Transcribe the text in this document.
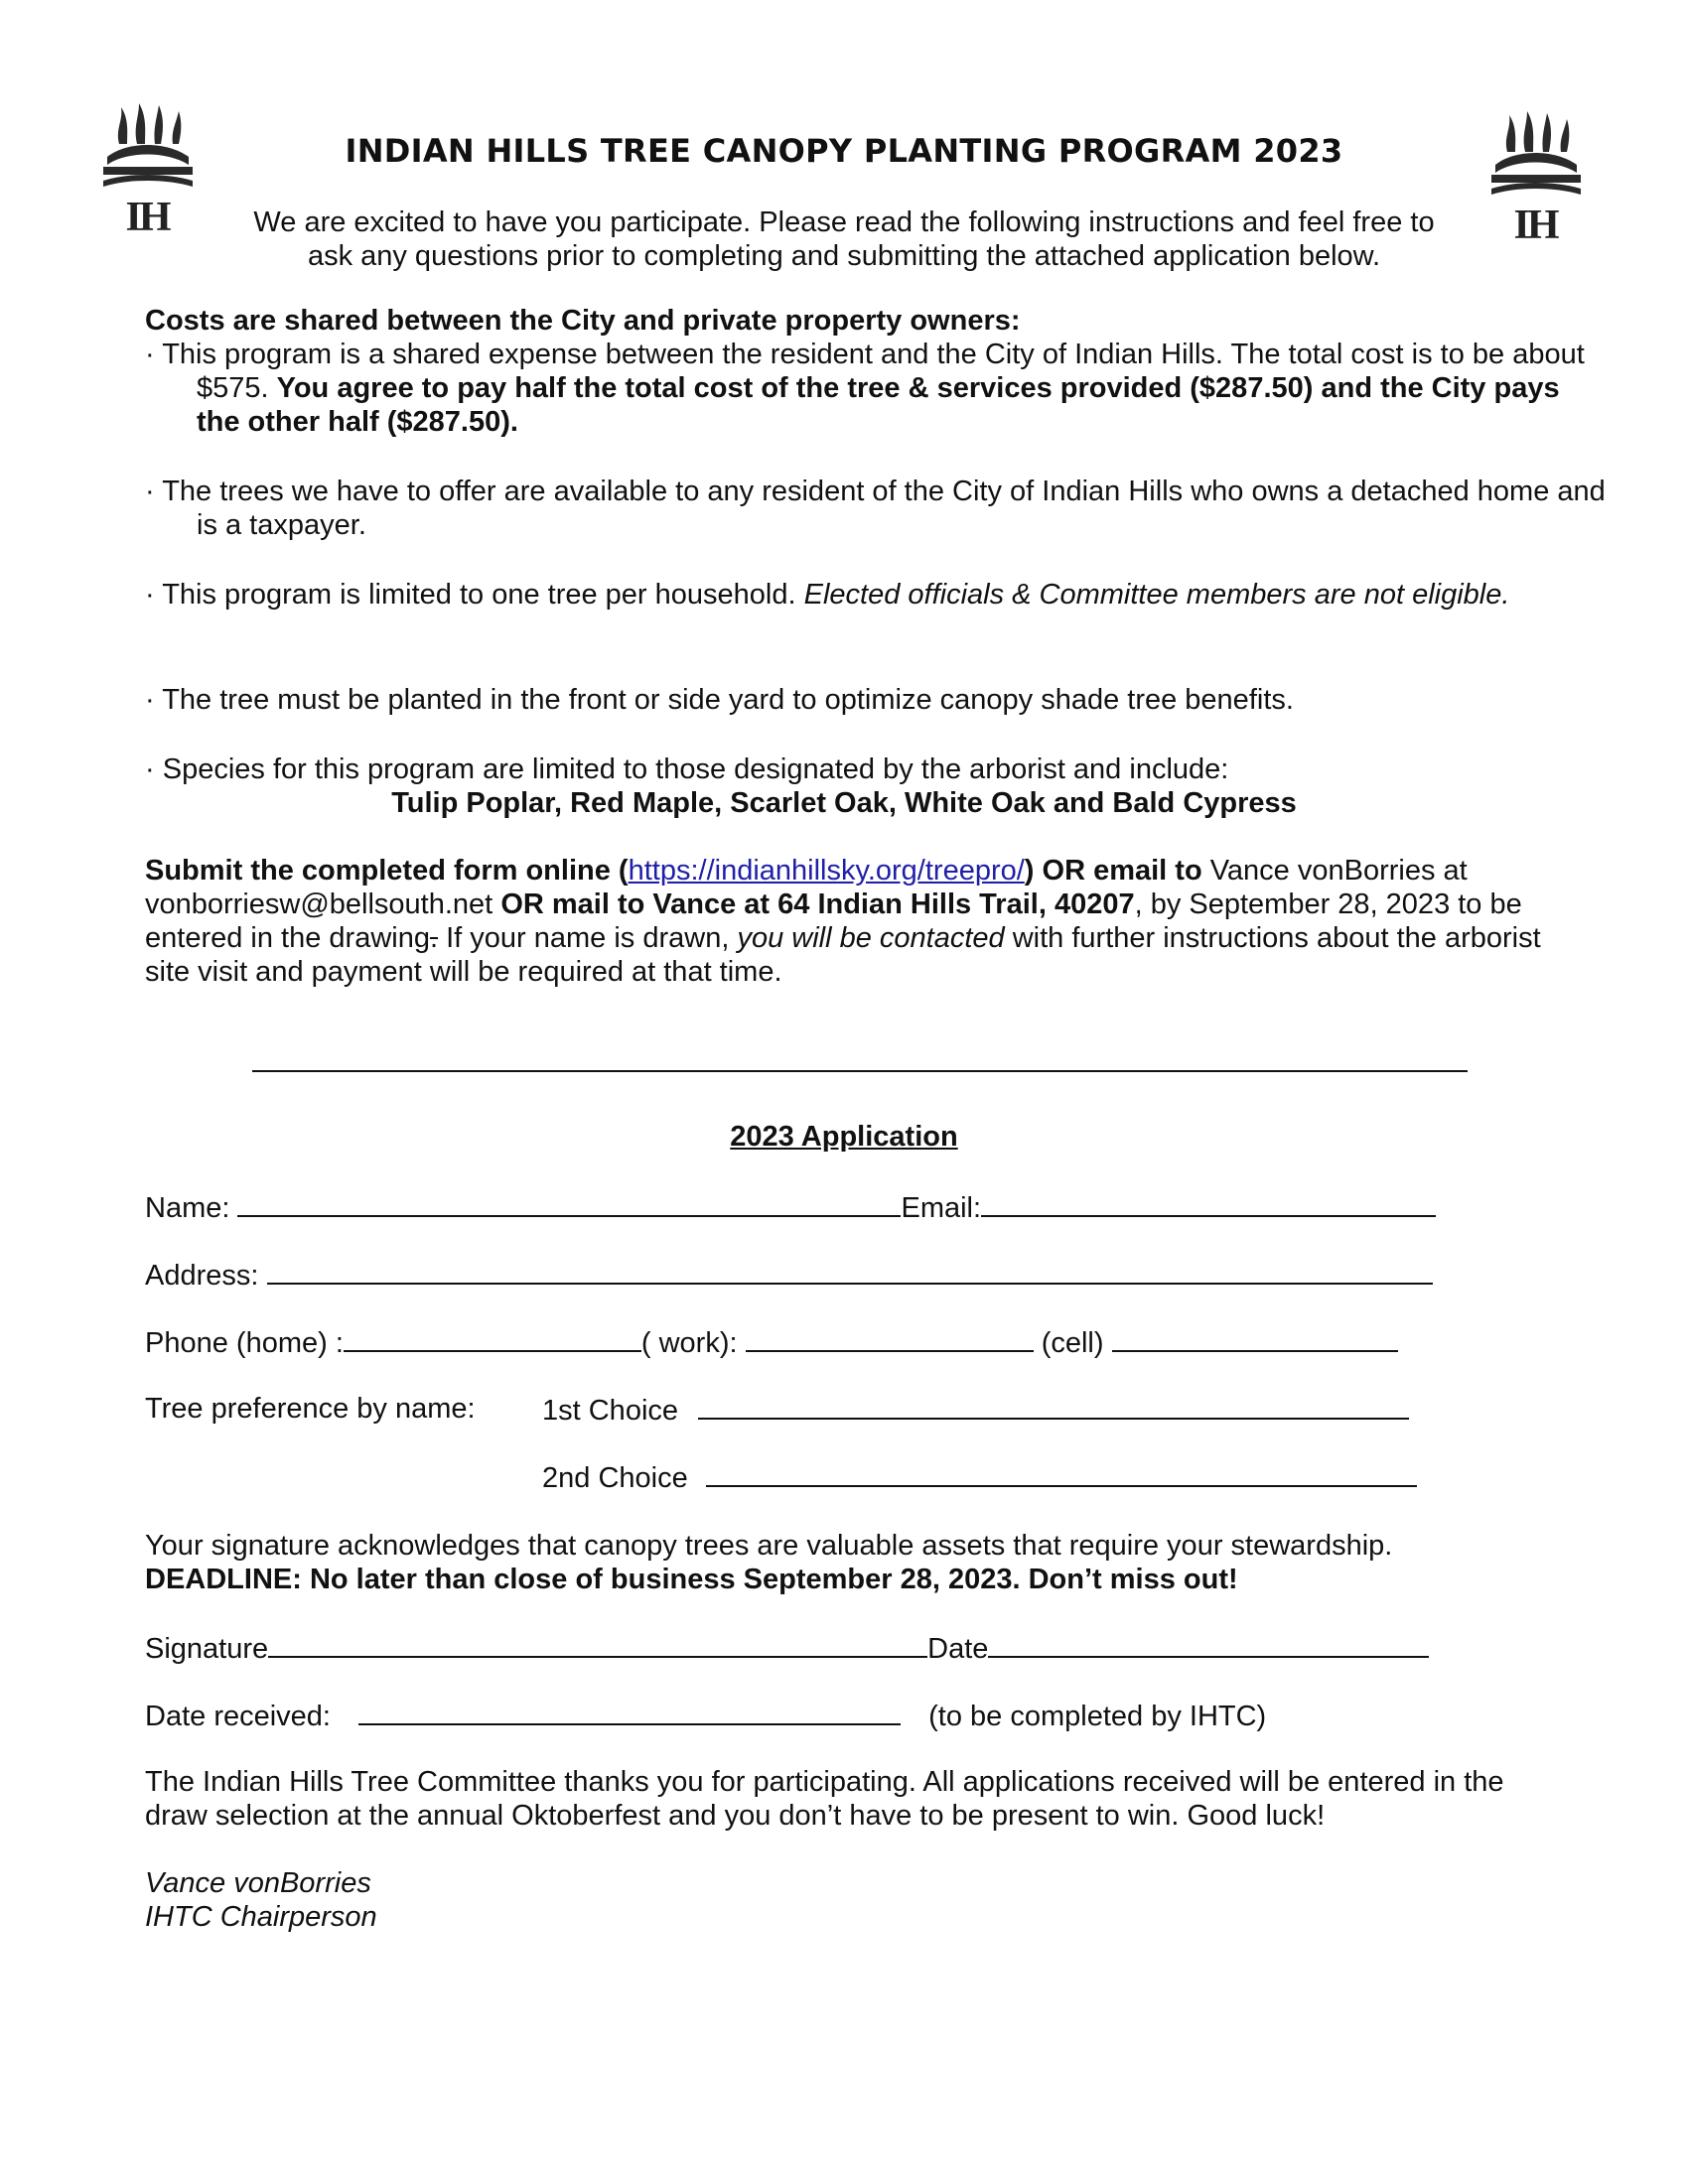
IH	IH
INDIAN HILLS TREE CANOPY PLANTING PROGRAM 2023
We are excited to have you participate. Please read the following instructions and feel free to
ask any questions prior to completing and submitting the attached application below.
Costs are shared between the City and private property owners:
· This program is a shared expense between the resident and the City of Indian Hills. The total cost is to be about $575. You agree to pay half the total cost of the tree & services provided ($287.50) and the City pays the other half ($287.50).
· The trees we have to offer are available to any resident of the City of Indian Hills who owns a detached home and is a taxpayer.
· This program is limited to one tree per household. Elected officials & Committee members are not eligible.
· The tree must be planted in the front or side yard to optimize canopy shade tree benefits.
· Species for this program are limited to those designated by the arborist and include:
Tulip Poplar, Red Maple, Scarlet Oak, White Oak and Bald Cypress
Submit the completed form online (https://indianhillsky.org/treepro/) OR email to Vance vonBorries at vonborriesw@bellsouth.net OR mail to Vance at 64 Indian Hills Trail, 40207, by September 28, 2023 to be entered in the drawing. If your name is drawn, you will be contacted with further instructions about the arborist site visit and payment will be required at that time.
2023 Application
Name:	Email:
Address:
Phone (home) :	( work):	(cell)
Tree preference by name: 1st Choice
2nd Choice
Your signature acknowledges that canopy trees are valuable assets that require your stewardship.
DEADLINE: No later than close of business September 28, 2023. Don’t miss out!
Signature	Date
Date received:	(to be completed by IHTC)
The Indian Hills Tree Committee thanks you for participating. All applications received will be entered in the draw selection at the annual Oktoberfest and you don’t have to be present to win. Good luck!
Vance vonBorries
IHTC Chairperson
